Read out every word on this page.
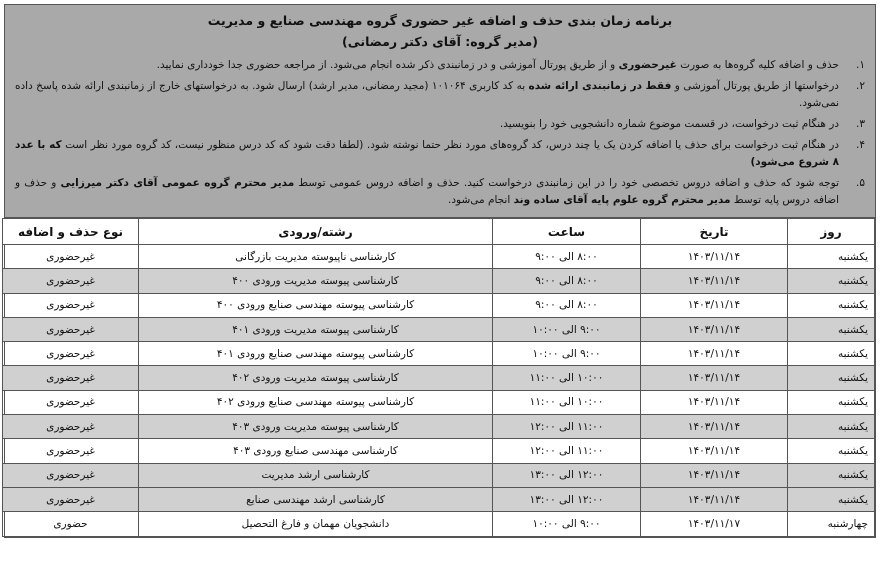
برنامه زمان بندی حذف و اضافه غیر حضوری گروه مهندسی صنایع و مدیریت

(مدیر گروه: آقای دکتر رمضانی)

۱.
حذف و اضافه کلیه گروه‌ها به صورت غیرحضوری و از طریق پورتال آموزشی و در زمانبندی ذکر شده انجام می‌شود. از مراجعه حضوری جدا خودداری نمایید.
۲.
درخواستها از طریق پورتال آموزشی و فقط در زمانبندی ارائه شده به کد کاربری ۱۰۱۰۶۴ (مجید رمضانی، مدیر ارشد) ارسال شود. به درخواستهای خارج از زمانبندی ارائه شده پاسخ داده نمی‌شود.
۳.
در هنگام ثبت درخواست، در قسمت موضوع شماره دانشجویی خود را بنویسید.
۴.
در هنگام ثبت درخواست برای حذف یا اضافه کردن یک یا چند درس، کد گروه‌های مورد نظر حتما نوشته شود. (لطفا دقت شود که کد درس منظور نیست، کد گروه مورد نظر است که با عدد ۸ شروع می‌شود)
۵.
توجه شود که حذف و اضافه دروس تخصصی خود را در این زمانبندی درخواست کنید. حذف و اضافه دروس عمومی توسط مدیر محترم گروه عمومی آقای دکتر میرزایی و حذف و اضافه دروس پایه توسط مدیر محترم گروه علوم پایه آقای ساده وند انجام می‌شود.
روز	تاریخ	ساعت	رشته/ورودی	نوع حذف و اضافه
یکشنبه	۱۴۰۳/۱۱/۱۴	۸:۰۰ الی ۹:۰۰	کارشناسی ناپیوسته مدیریت بازرگانی	غیرحضوری
یکشنبه	۱۴۰۳/۱۱/۱۴	۸:۰۰ الی ۹:۰۰	کارشناسی پیوسته مدیریت ورودی ۴۰۰	غیرحضوری
یکشنبه	۱۴۰۳/۱۱/۱۴	۸:۰۰ الی ۹:۰۰	کارشناسی پیوسته مهندسی صنایع ورودی ۴۰۰	غیرحضوری
یکشنبه	۱۴۰۳/۱۱/۱۴	۹:۰۰ الی ۱۰:۰۰	کارشناسی پیوسته مدیریت ورودی ۴۰۱	غیرحضوری
یکشنبه	۱۴۰۳/۱۱/۱۴	۹:۰۰ الی ۱۰:۰۰	کارشناسی پیوسته مهندسی صنایع ورودی ۴۰۱	غیرحضوری
یکشنبه	۱۴۰۳/۱۱/۱۴	۱۰:۰۰ الی ۱۱:۰۰	کارشناسی پیوسته مدیریت ورودی ۴۰۲	غیرحضوری
یکشنبه	۱۴۰۳/۱۱/۱۴	۱۰:۰۰ الی ۱۱:۰۰	کارشناسی پیوسته مهندسی صنایع ورودی ۴۰۲	غیرحضوری
یکشنبه	۱۴۰۳/۱۱/۱۴	۱۱:۰۰ الی ۱۲:۰۰	کارشناسی پیوسته مدیریت ورودی ۴۰۳	غیرحضوری
یکشنبه	۱۴۰۳/۱۱/۱۴	۱۱:۰۰ الی ۱۲:۰۰	کارشناسی مهندسی صنایع ورودی ۴۰۳	غیرحضوری
یکشنبه	۱۴۰۳/۱۱/۱۴	۱۲:۰۰ الی ۱۳:۰۰	کارشناسی ارشد مدیریت	غیرحضوری
یکشنبه	۱۴۰۳/۱۱/۱۴	۱۲:۰۰ الی ۱۳:۰۰	کارشناسی ارشد مهندسی صنایع	غیرحضوری
چهارشنبه	۱۴۰۳/۱۱/۱۷	۹:۰۰ الی ۱۰:۰۰	دانشجویان مهمان و فارغ التحصیل	حضوری
